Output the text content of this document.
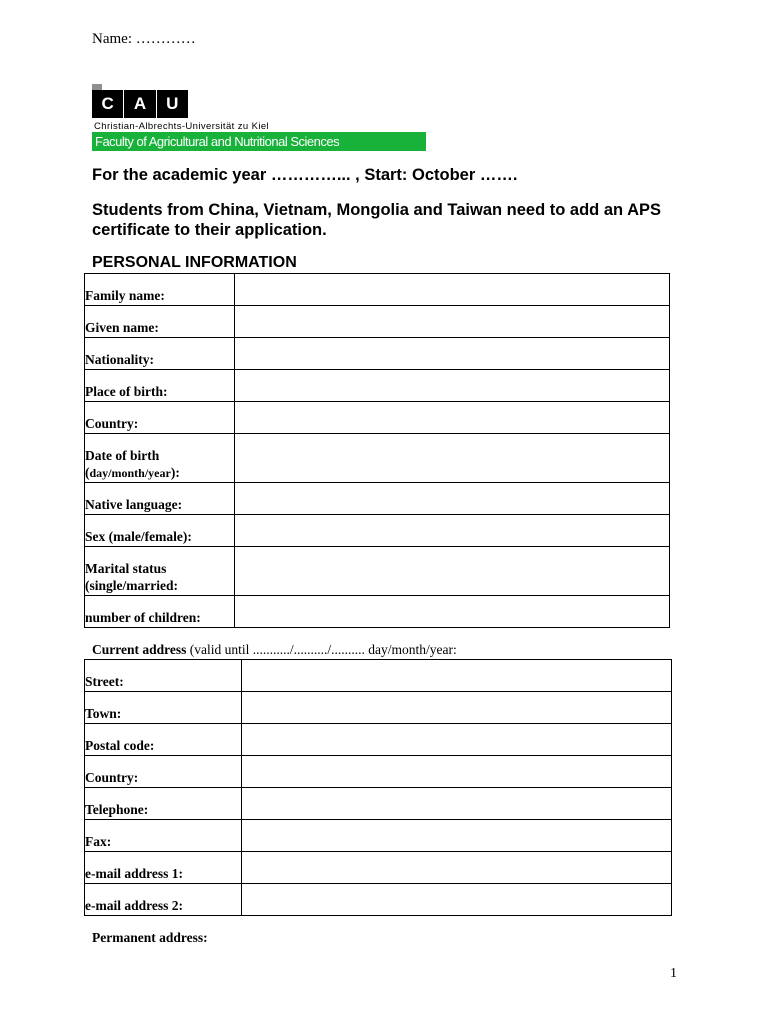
Name: …………
C	A	U
Christian-Albrechts-Universität zu Kiel
Faculty of Agricultural and Nutritional Sciences
For the academic year …………... , Start: October …….
Students from China, Vietnam, Mongolia and Taiwan need to add an APS certificate to their application.
PERSONAL INFORMATION
Family name:	

Given name:	

Nationality:	

Place of birth:	

Country:	

Date of birth
(day/month/year):	

Native language:	

Sex (male/female):	

Marital status
(single/married:	

number of children:	

Current address (valid until .........../........../.......... day/month/year:
Street:	

Town:	

Postal code:	

Country:	

Telephone:	

Fax:	

e-mail address 1:	

e-mail address 2:	

Permanent address:
1
